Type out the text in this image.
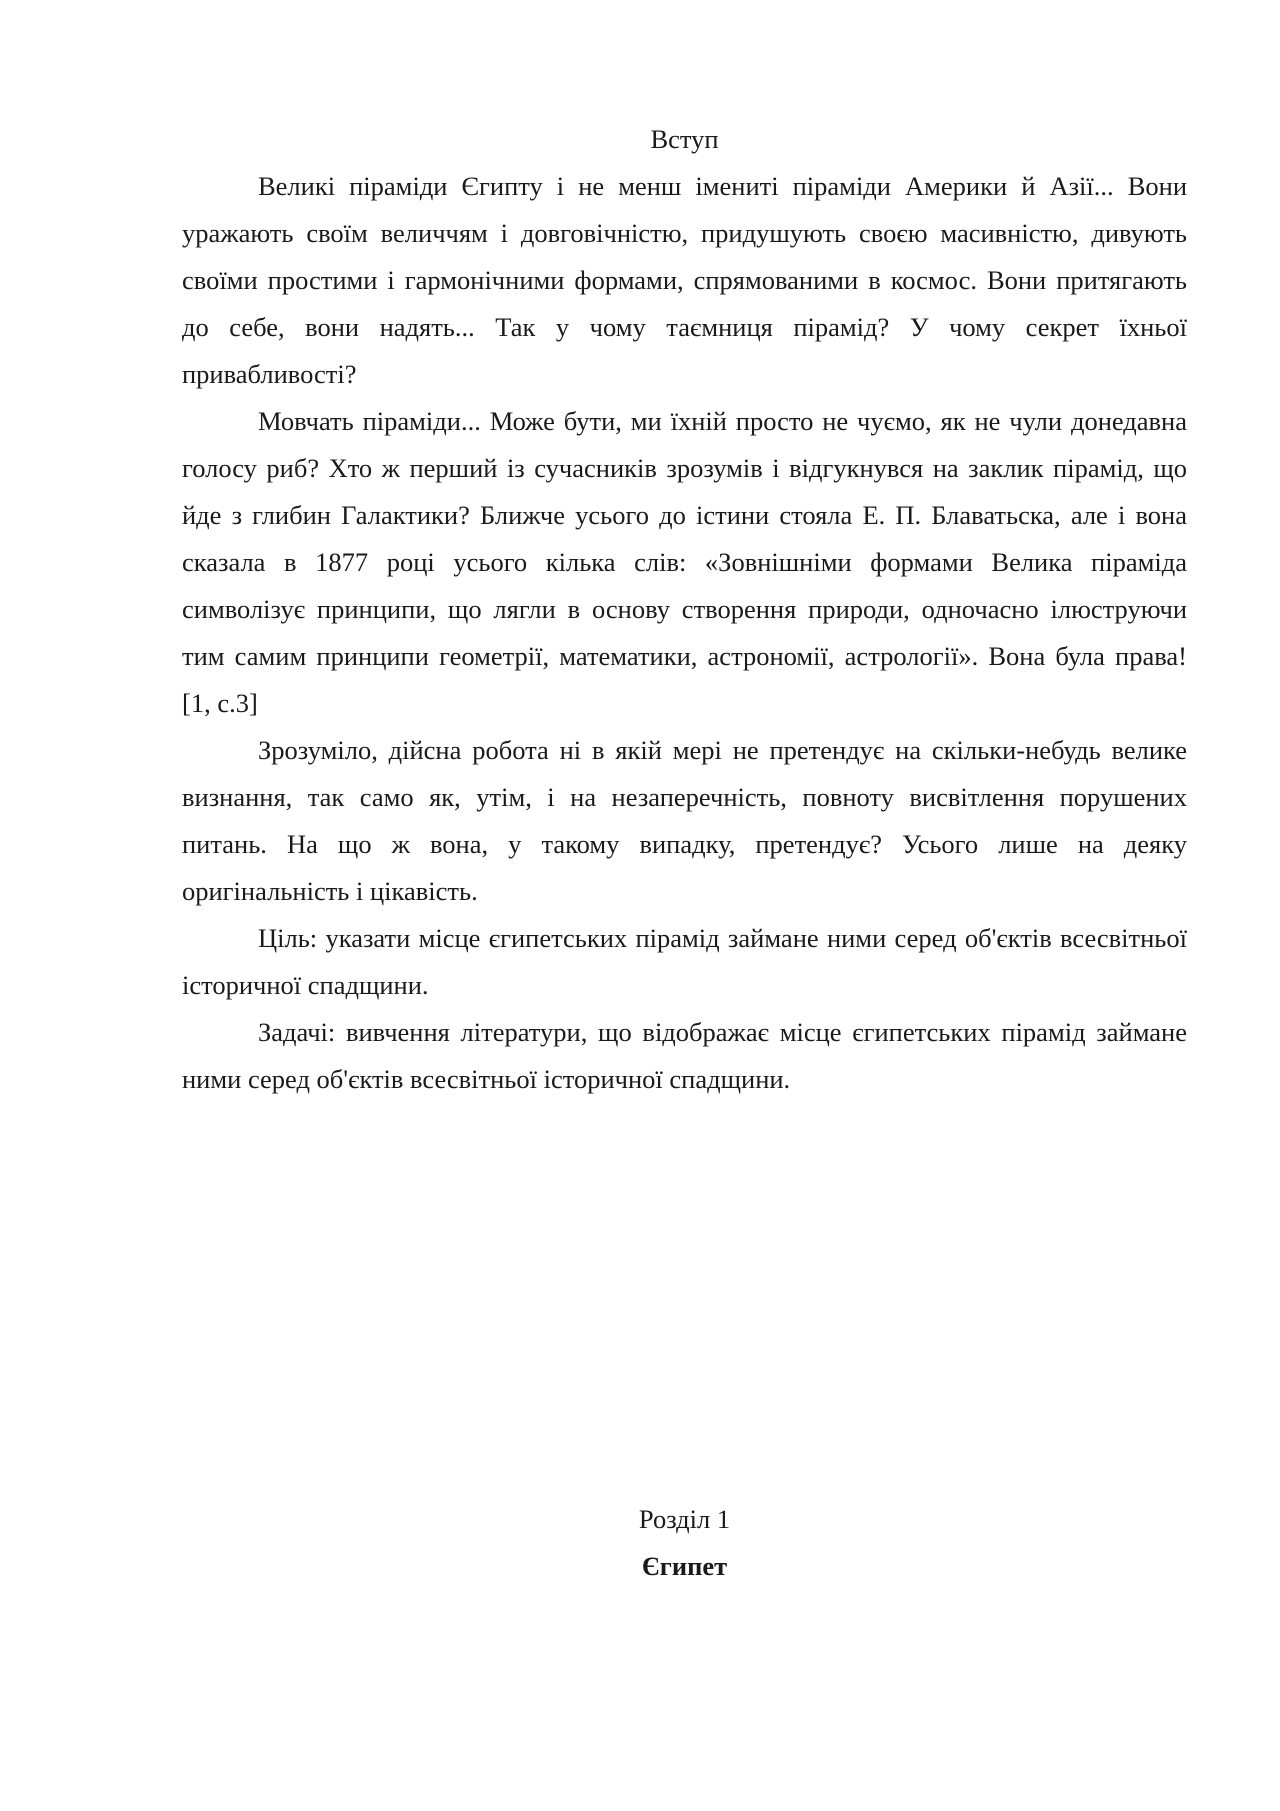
Вступ

Великі піраміди Єгипту і не менш імениті піраміди Америки й Азії... Вони уражають своїм величчям і довговічністю, придушують своєю масивністю, дивують своїми простими і гармонічними формами, спрямованими в космос. Вони притягають до себе, вони надять... Так у чому таємниця пірамід? У чому секрет їхньої привабливості?

Мовчать піраміди... Може бути, ми їхній просто не чуємо, як не чули донедавна голосу риб? Хто ж перший із сучасників зрозумів і відгукнувся на заклик пірамід, що йде з глибин Галактики? Ближче усього до істини стояла Е. П. Блаватьска, але і вона сказала в 1877 році усього кілька слів: «Зовнішніми формами Велика піраміда символізує принципи, що лягли в основу створення природи, одночасно ілюструючи тим самим принципи геометрії, математики, астрономії, астрології». Вона була права! [1, с.3]

Зрозуміло, дійсна робота ні в якій мері не претендує на скільки-небудь велике визнання, так само як, утім, і на незаперечність, повноту висвітлення порушених питань. На що ж вона, у такому випадку, претендує? Усього лише на деяку оригінальність і цікавість.

Ціль: указати місце єгипетських пірамід займане ними серед об'єктів всесвітньої історичної спадщини.

Задачі: вивчення літератури, що відображає місце єгипетських пірамід займане ними серед об'єктів всесвітньої історичної спадщини.

Розділ 1

Єгипет
